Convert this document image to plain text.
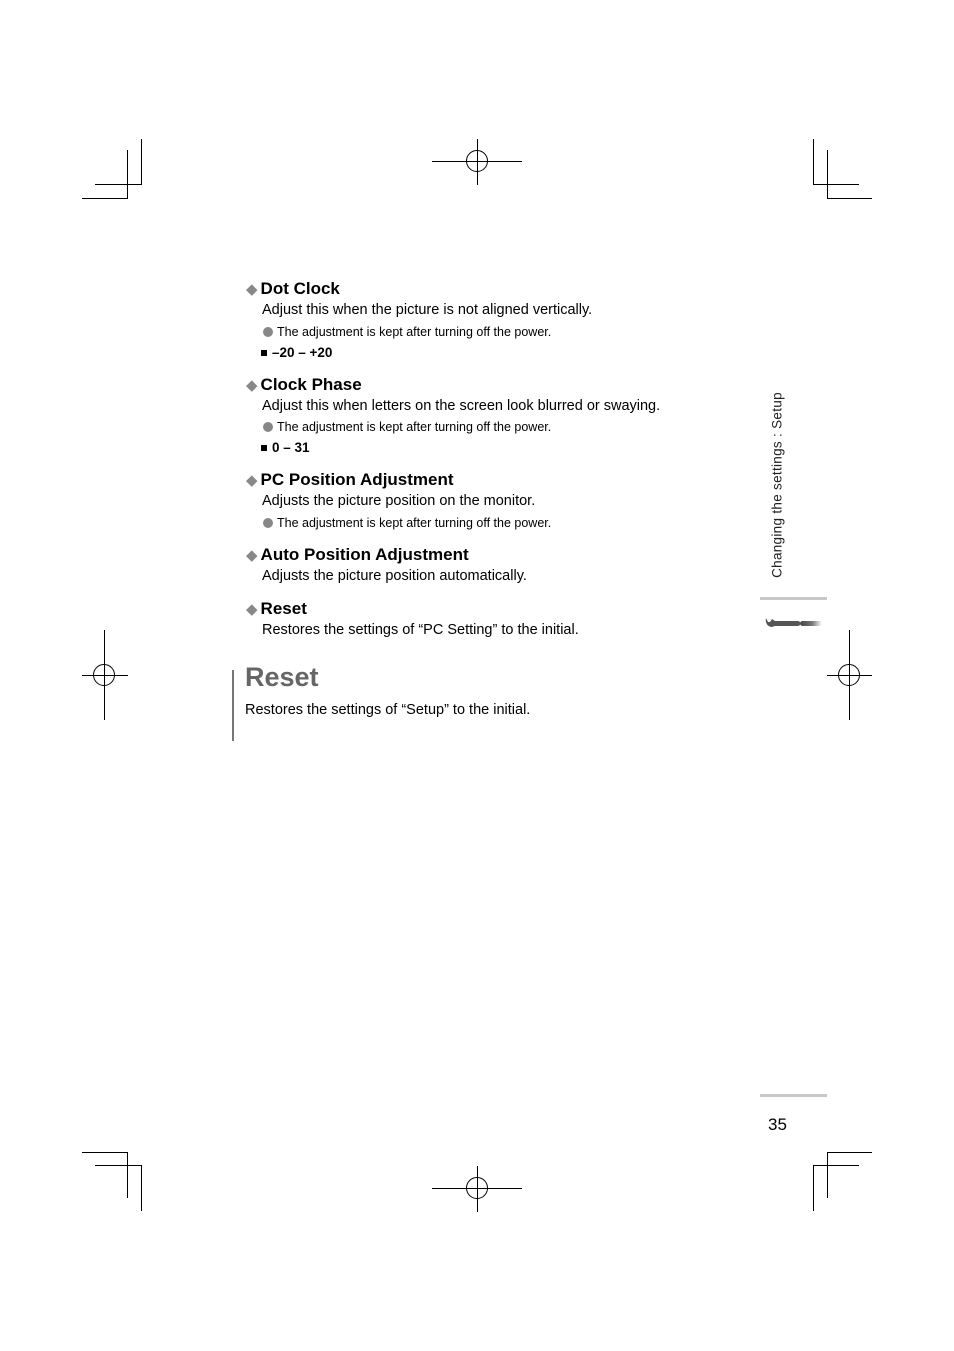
◆ Dot Clock
Adjust this when the picture is not aligned vertically.
The adjustment is kept after turning off the power.
–20 – +20
◆ Clock Phase
Adjust this when letters on the screen look blurred or swaying.
The adjustment is kept after turning off the power.
0 – 31
◆ PC Position Adjustment
Adjusts the picture position on the monitor.
The adjustment is kept after turning off the power.
◆ Auto Position Adjustment
Adjusts the picture position automatically.
◆ Reset
Restores the settings of “PC Setting” to the initial.
Reset
Restores the settings of “Setup” to the initial.
Changing the settings : Setup
35
